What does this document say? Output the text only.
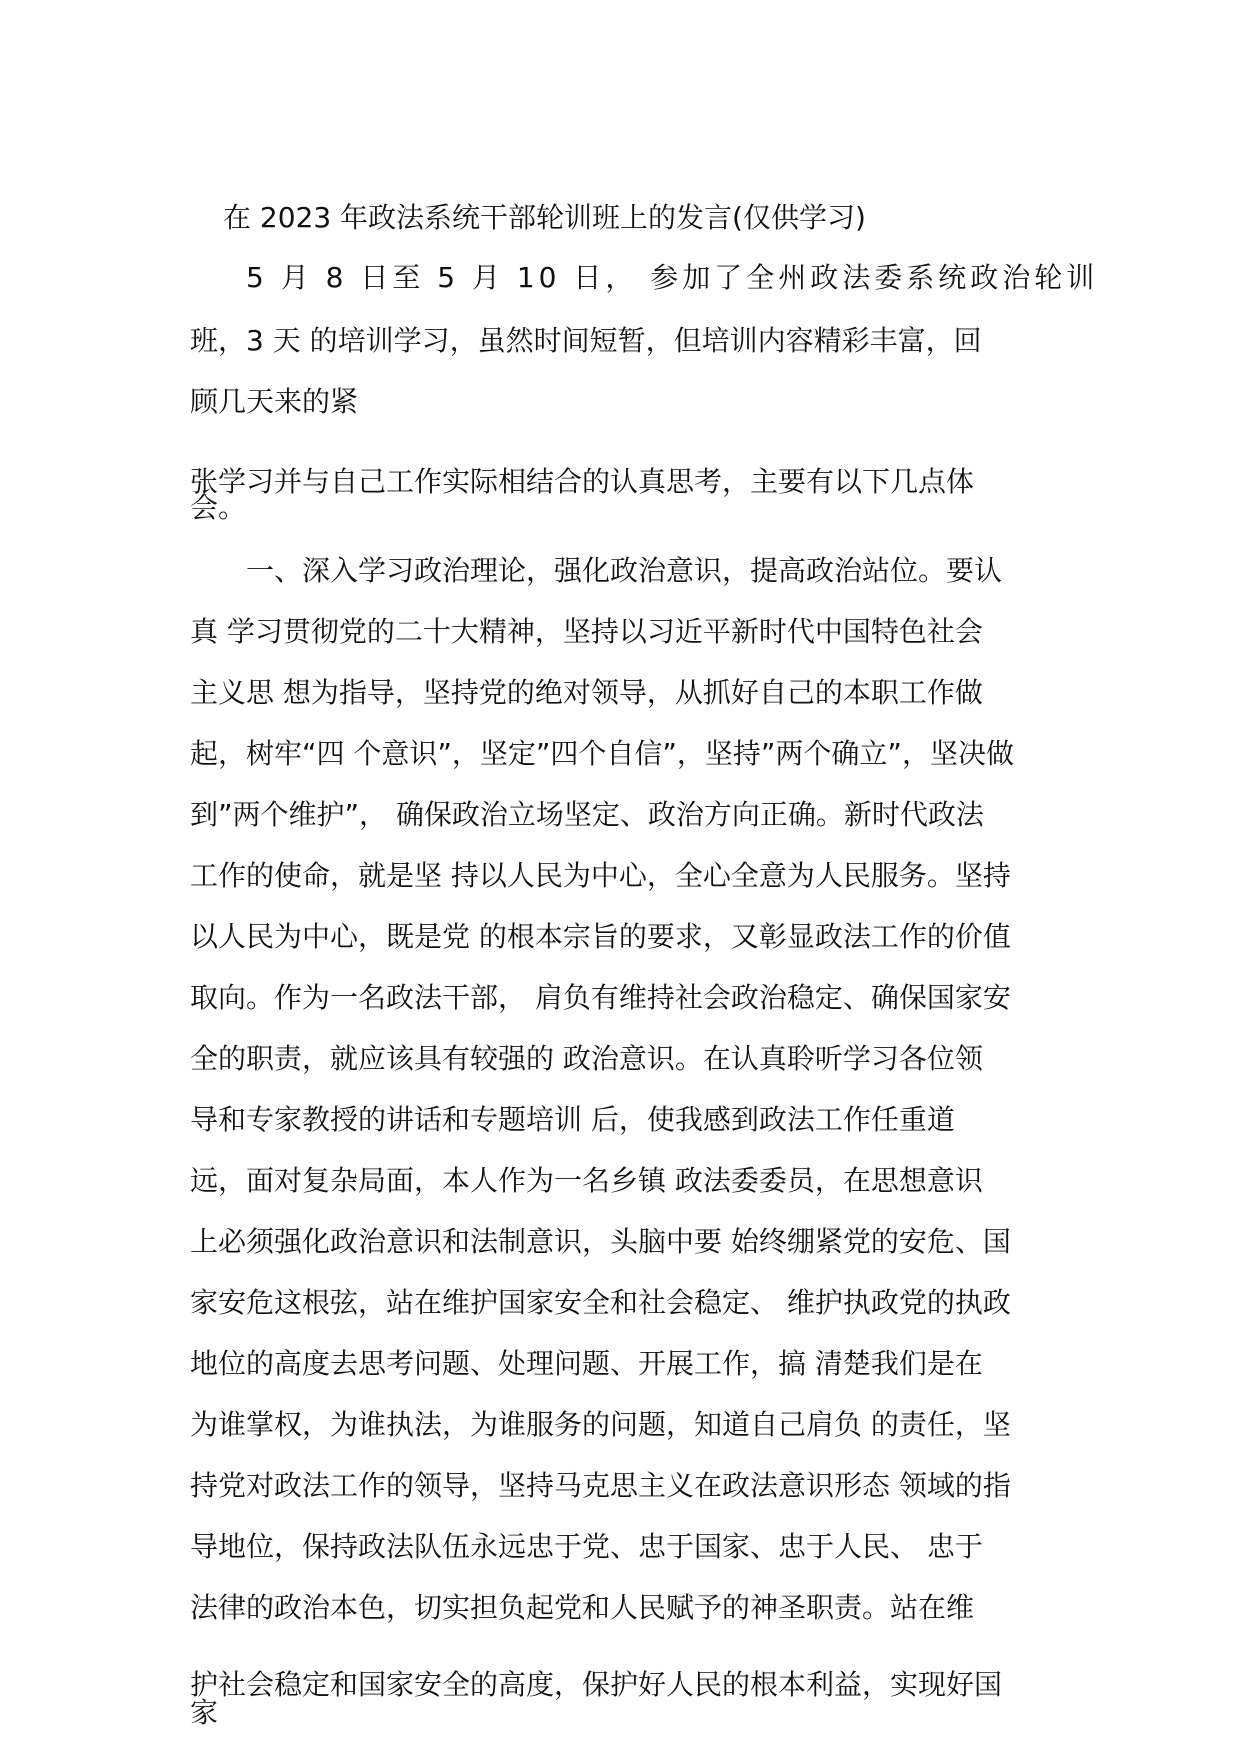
在 2023 年政法系统干部轮训班上的发言(仅供学习)
5 月 8 日至 5 月 10 日， 参加了全州政法委系统政治轮训
班，3 天 的培训学习，虽然时间短暂，但培训内容精彩丰富，回
顾几天来的紧
张学习并与自己工作实际相结合的认真思考，主要有以下几点体
会。
一、深入学习政治理论，强化政治意识，提高政治站位。要认
真 学习贯彻党的二十大精神，坚持以习近平新时代中国特色社会
主义思 想为指导，坚持党的绝对领导，从抓好自己的本职工作做
起，树牢“四 个意识”，坚定”四个自信”，坚持”两个确立”，坚决做
到”两个维护”， 确保政治立场坚定、政治方向正确。新时代政法
工作的使命，就是坚 持以人民为中心，全心全意为人民服务。坚持
以人民为中心，既是党 的根本宗旨的要求，又彰显政法工作的价值
取向。作为一名政法干部， 肩负有维持社会政治稳定、确保国家安
全的职责，就应该具有较强的 政治意识。在认真聆听学习各位领
导和专家教授的讲话和专题培训 后，使我感到政法工作任重道
远，面对复杂局面，本人作为一名乡镇 政法委委员，在思想意识
上必须强化政治意识和法制意识，头脑中要 始终绷紧党的安危、国
家安危这根弦，站在维护国家安全和社会稳定、 维护执政党的执政
地位的高度去思考问题、处理问题、开展工作，搞 清楚我们是在
为谁掌权，为谁执法，为谁服务的问题，知道自己肩负 的责任，坚
持党对政法工作的领导，坚持马克思主义在政法意识形态 领域的指
导地位，保持政法队伍永远忠于党、忠于国家、忠于人民、 忠于
法律的政治本色，切实担负起党和人民赋予的神圣职责。站在维
护社会稳定和国家安全的高度，保护好人民的根本利益，实现好国
家
